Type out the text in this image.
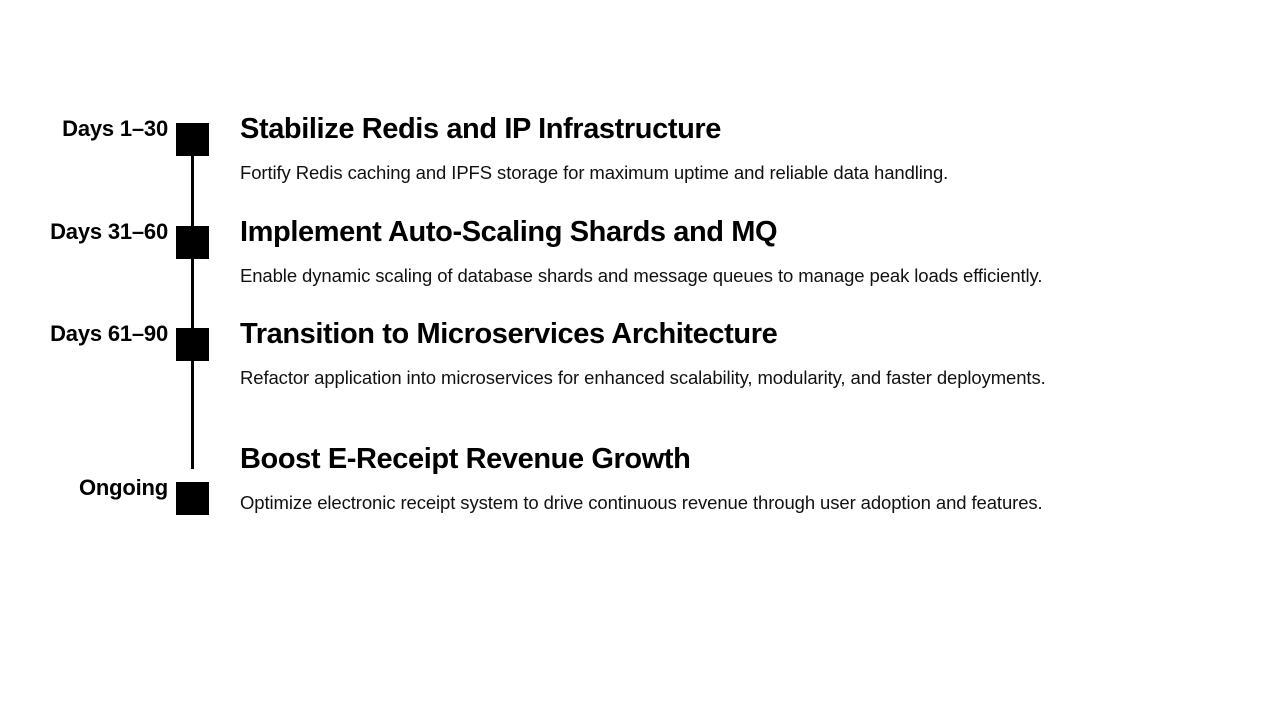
Days 1–30 Stabilize Redis and IP Infrastructure

Fortify Redis caching and IPFS storage for maximum uptime and reliable data handling.

Days 31–60 Implement Auto-Scaling Shards and MQ

Enable dynamic scaling of database shards and message queues to manage peak loads efficiently.

Days 61–90 Transition to Microservices Architecture

Refactor application into microservices for enhanced scalability, modularity, and faster deployments.

Ongoing

Boost E-Receipt Revenue Growth

Optimize electronic receipt system to drive continuous revenue through user adoption and features.
